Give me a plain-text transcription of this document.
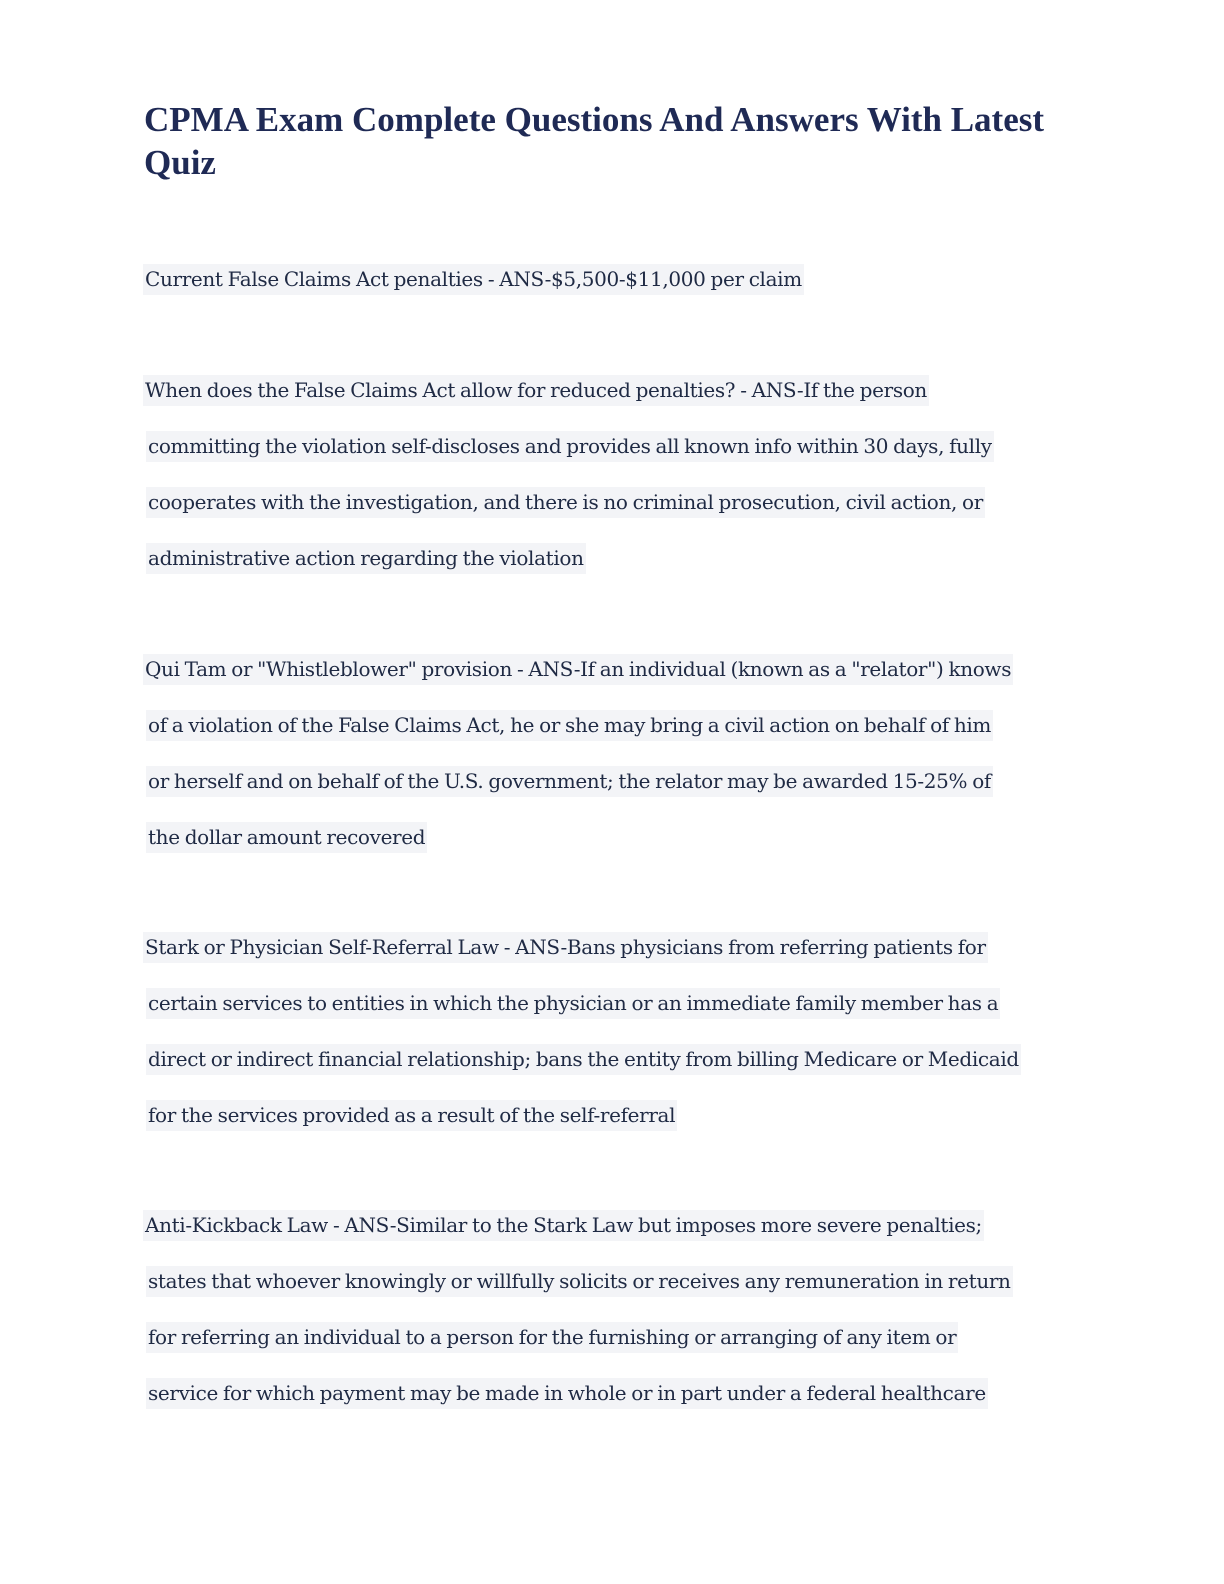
CPMA Exam Complete Questions And Answers With Latest Quiz
Current False Claims Act penalties - ANS-$5,500-$11,000 per claim
When does the False Claims Act allow for reduced penalties? - ANS-If the person
committing the violation self-discloses and provides all known info within 30 days, fully
cooperates with the investigation, and there is no criminal prosecution, civil action, or
administrative action regarding the violation
Qui Tam or "Whistleblower" provision - ANS-If an individual (known as a "relator") knows
of a violation of the False Claims Act, he or she may bring a civil action on behalf of him
or herself and on behalf of the U.S. government; the relator may be awarded 15-25% of
the dollar amount recovered
Stark or Physician Self-Referral Law - ANS-Bans physicians from referring patients for
certain services to entities in which the physician or an immediate family member has a
direct or indirect financial relationship; bans the entity from billing Medicare or Medicaid
for the services provided as a result of the self-referral
Anti-Kickback Law - ANS-Similar to the Stark Law but imposes more severe penalties;
states that whoever knowingly or willfully solicits or receives any remuneration in return
for referring an individual to a person for the furnishing or arranging of any item or
service for which payment may be made in whole or in part under a federal healthcare
